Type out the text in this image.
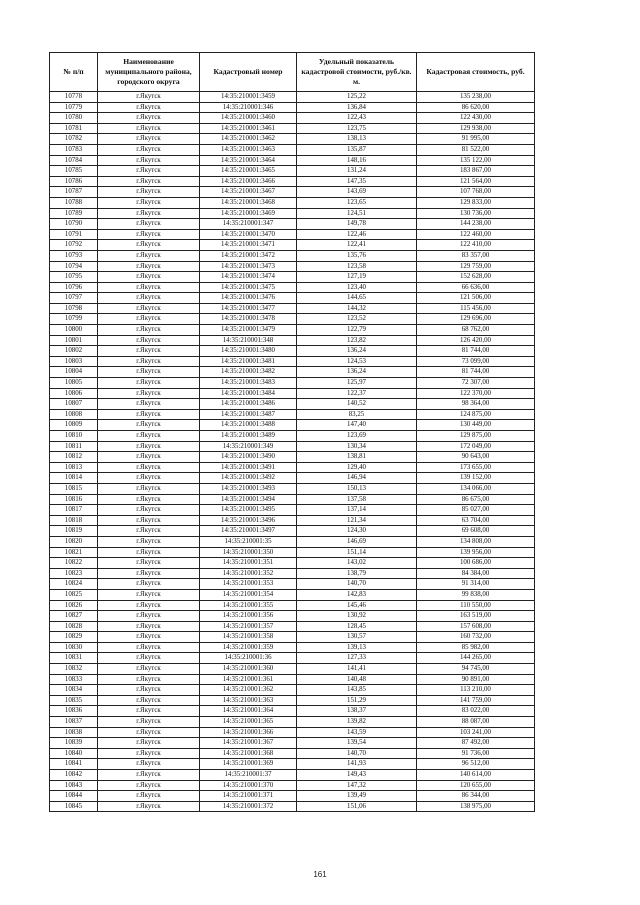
№ п/п	Наименование муниципального района, городского округа	Кадастровый номер	Удельный показатель кадастровой стоимости, руб./кв. м.	Кадастровая стоимость, руб.
10778	г.Якутск	14:35:210001:3459	125,22	135 238,00
10779	г.Якутск	14:35:210001:346	136,84	86 620,00
10780	г.Якутск	14:35:210001:3460	122,43	122 430,00
10781	г.Якутск	14:35:210001:3461	123,75	129 938,00
10782	г.Якутск	14:35:210001:3462	138,13	91 995,00
10783	г.Якутск	14:35:210001:3463	135,87	81 522,00
10784	г.Якутск	14:35:210001:3464	148,16	135 122,00
10785	г.Якутск	14:35:210001:3465	131,24	183 867,00
10786	г.Якутск	14:35:210001:3466	147,35	121 564,00
10787	г.Якутск	14:35:210001:3467	143,69	107 768,00
10788	г.Якутск	14:35:210001:3468	123,65	129 833,00
10789	г.Якутск	14:35:210001:3469	124,51	130 736,00
10790	г.Якутск	14:35:210001:347	149,78	144 238,00
10791	г.Якутск	14:35:210001:3470	122,46	122 460,00
10792	г.Якутск	14:35:210001:3471	122,41	122 410,00
10793	г.Якутск	14:35:210001:3472	135,76	83 357,00
10794	г.Якутск	14:35:210001:3473	123,58	129 759,00
10795	г.Якутск	14:35:210001:3474	127,19	152 628,00
10796	г.Якутск	14:35:210001:3475	123,40	66 636,00
10797	г.Якутск	14:35:210001:3476	144,65	121 506,00
10798	г.Якутск	14:35:210001:3477	144,32	115 456,00
10799	г.Якутск	14:35:210001:3478	123,52	129 696,00
10800	г.Якутск	14:35:210001:3479	122,79	68 762,00
10801	г.Якутск	14:35:210001:348	123,82	126 420,00
10802	г.Якутск	14:35:210001:3480	136,24	81 744,00
10803	г.Якутск	14:35:210001:3481	124,53	73 099,00
10804	г.Якутск	14:35:210001:3482	136,24	81 744,00
10805	г.Якутск	14:35:210001:3483	125,97	72 307,00
10806	г.Якутск	14:35:210001:3484	122,37	122 370,00
10807	г.Якутск	14:35:210001:3486	140,52	98 364,00
10808	г.Якутск	14:35:210001:3487	83,25	124 875,00
10809	г.Якутск	14:35:210001:3488	147,40	130 449,00
10810	г.Якутск	14:35:210001:3489	123,69	129 875,00
10811	г.Якутск	14:35:210001:349	130,34	172 049,00
10812	г.Якутск	14:35:210001:3490	138,81	90 643,00
10813	г.Якутск	14:35:210001:3491	129,40	173 655,00
10814	г.Якутск	14:35:210001:3492	146,94	139 152,00
10815	г.Якутск	14:35:210001:3493	150,13	134 066,00
10816	г.Якутск	14:35:210001:3494	137,58	86 675,00
10817	г.Якутск	14:35:210001:3495	137,14	85 027,00
10818	г.Якутск	14:35:210001:3496	121,34	63 704,00
10819	г.Якутск	14:35:210001:3497	124,30	69 608,00
10820	г.Якутск	14:35:210001:35	146,69	134 808,00
10821	г.Якутск	14:35:210001:350	151,14	139 956,00
10822	г.Якутск	14:35:210001:351	143,02	100 686,00
10823	г.Якутск	14:35:210001:352	138,79	84 384,00
10824	г.Якутск	14:35:210001:353	140,70	91 314,00
10825	г.Якутск	14:35:210001:354	142,83	99 838,00
10826	г.Якутск	14:35:210001:355	145,46	110 550,00
10827	г.Якутск	14:35:210001:356	130,92	163 519,00
10828	г.Якутск	14:35:210001:357	128,45	157 608,00
10829	г.Якутск	14:35:210001:358	130,57	160 732,00
10830	г.Якутск	14:35:210001:359	139,13	85 982,00
10831	г.Якутск	14:35:210001:36	127,33	144 265,00
10832	г.Якутск	14:35:210001:360	141,41	94 745,00
10833	г.Якутск	14:35:210001:361	140,48	90 891,00
10834	г.Якутск	14:35:210001:362	143,85	113 210,00
10835	г.Якутск	14:35:210001:363	151,29	141 759,00
10836	г.Якутск	14:35:210001:364	138,37	83 022,00
10837	г.Якутск	14:35:210001:365	139,82	88 087,00
10838	г.Якутск	14:35:210001:366	143,59	103 241,00
10839	г.Якутск	14:35:210001:367	139,54	87 492,00
10840	г.Якутск	14:35:210001:368	140,70	91 736,00
10841	г.Якутск	14:35:210001:369	141,93	96 512,00
10842	г.Якутск	14:35:210001:37	149,43	140 614,00
10843	г.Якутск	14:35:210001:370	147,32	120 655,00
10844	г.Якутск	14:35:210001:371	139,49	86 344,00
10845	г.Якутск	14:35:210001:372	151,06	138 975,00
161
